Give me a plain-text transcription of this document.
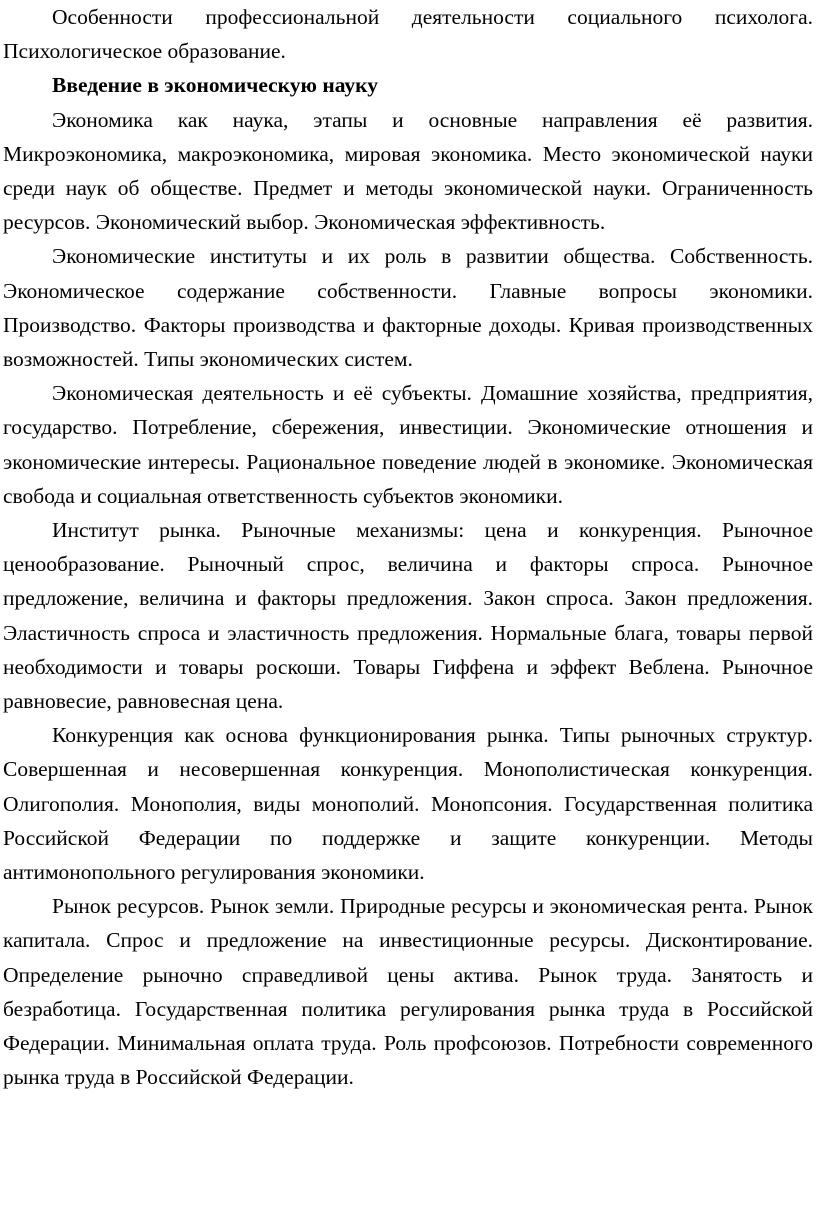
Особенности профессиональной деятельности социального психолога. Психологическое образование.

Введение в экономическую науку

Экономика как наука, этапы и основные направления её развития. Микроэкономика, макроэкономика, мировая экономика. Место экономической науки среди наук об обществе. Предмет и методы экономической науки. Ограниченность ресурсов. Экономический выбор. Экономическая эффективность.

Экономические институты и их роль в развитии общества. Собственность. Экономическое содержание собственности. Главные вопросы экономики. Производство. Факторы производства и факторные доходы. Кривая производственных возможностей. Типы экономических систем.

Экономическая деятельность и её субъекты. Домашние хозяйства, предприятия, государство. Потребление, сбережения, инвестиции. Экономические отношения и экономические интересы. Рациональное поведение людей в экономике. Экономическая свобода и социальная ответственность субъектов экономики.

Институт рынка. Рыночные механизмы: цена и конкуренция. Рыночное ценообразование. Рыночный спрос, величина и факторы спроса. Рыночное предложение, величина и факторы предложения. Закон спроса. Закон предложения. Эластичность спроса и эластичность предложения. Нормальные блага, товары первой необходимости и товары роскоши. Товары Гиффена и эффект Веблена. Рыночное равновесие, равновесная цена.

Конкуренция как основа функционирования рынка. Типы рыночных структур. Совершенная и несовершенная конкуренция. Монополистическая конкуренция. Олигополия. Монополия, виды монополий. Монопсония. Государственная политика Российской Федерации по поддержке и защите конкуренции. Методы антимонопольного регулирования экономики.

Рынок ресурсов. Рынок земли. Природные ресурсы и экономическая рента. Рынок капитала. Спрос и предложение на инвестиционные ресурсы. Дисконтирование. Определение рыночно справедливой цены актива. Рынок труда. Занятость и безработица. Государственная политика регулирования рынка труда в Российской Федерации. Минимальная оплата труда. Роль профсоюзов. Потребности современного рынка труда в Российской Федерации.
